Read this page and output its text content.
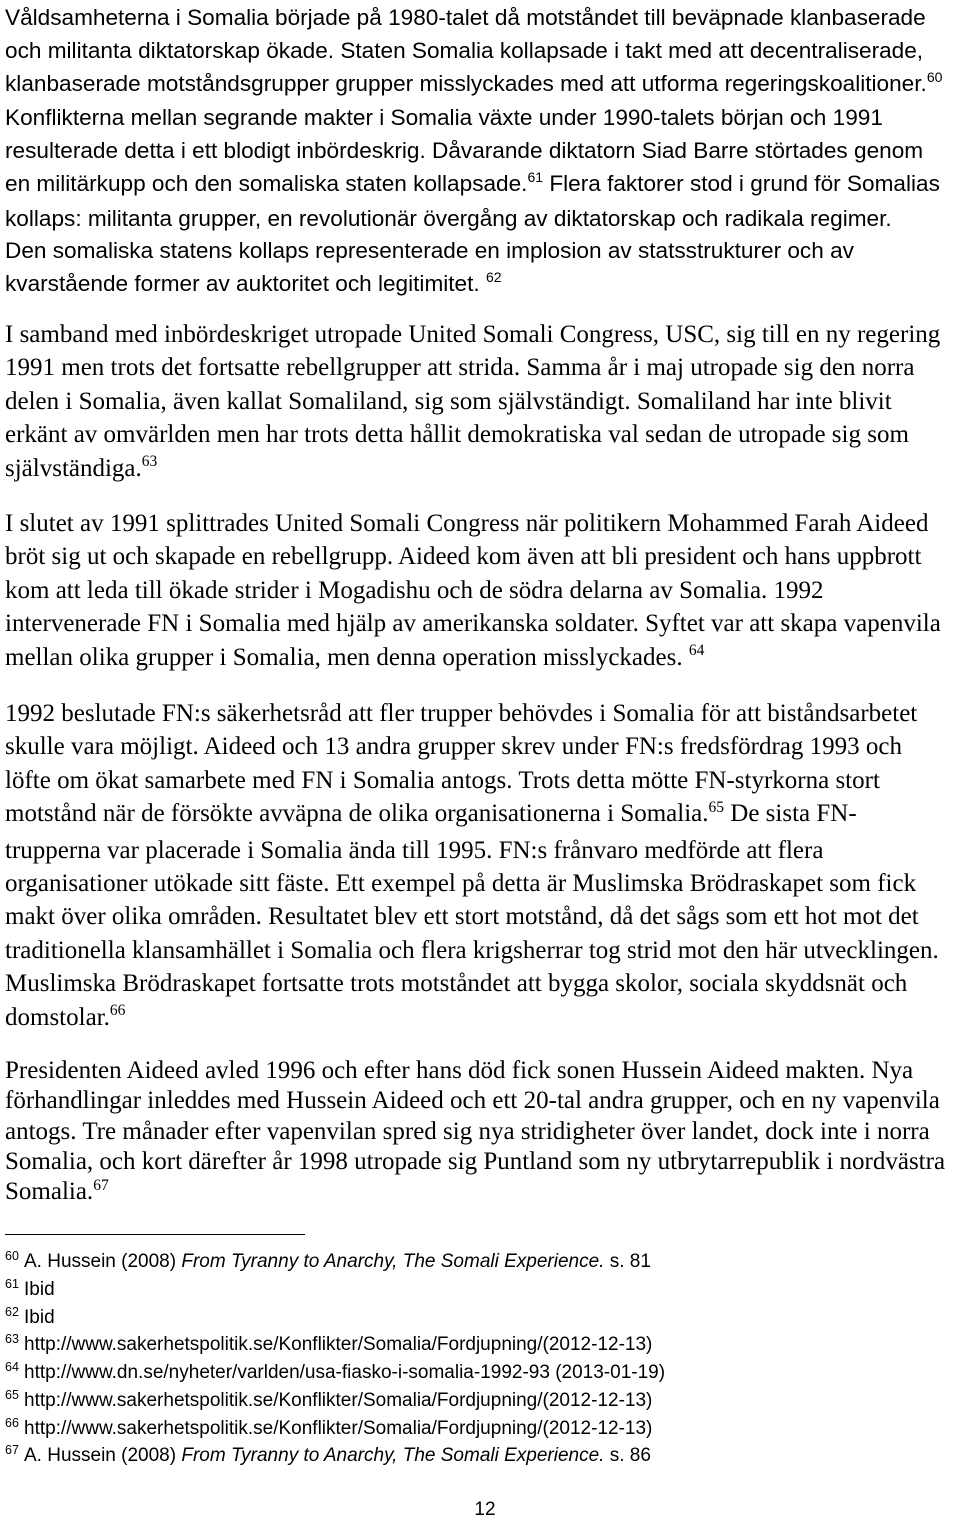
Våldsamheterna i Somalia började på 1980-talet då motståndet till beväpnade klanbaserade
och militanta diktatorskap ökade. Staten Somalia kollapsade i takt med att decentraliserade,
klanbaserade motståndsgrupper grupper misslyckades med att utforma regeringskoalitioner.$^{60}$
Konflikterna mellan segrande makter i Somalia växte under 1990-talets början och 1991
resulterade detta i ett blodigt inbördeskrig. Dåvarande diktatorn Siad Barre störtades genom
en militärkupp och den somaliska staten kollapsade.$^{61}$ Flera faktorer stod i grund för Somalias
kollaps: militanta grupper, en revolutionär övergång av diktatorskap och radikala regimer.
Den somaliska statens kollaps representerade en implosion av statsstrukturer och av
kvarstående former av auktoritet och legitimitet. $^{62}$
I samband med inbördeskriget utropade United Somali Congress, USC, sig till en ny regering
1991 men trots det fortsatte rebellgrupper att strida. Samma år i maj utropade sig den norra
delen i Somalia, även kallat Somaliland, sig som självständigt. Somaliland har inte blivit
erkänt av omvärlden men har trots detta hållit demokratiska val sedan de utropade sig som
självständiga.$^{63}$
I slutet av 1991 splittrades United Somali Congress när politikern Mohammed Farah Aideed
bröt sig ut och skapade en rebellgrupp. Aideed kom även att bli president och hans uppbrott
kom att leda till ökade strider i Mogadishu och de södra delarna av Somalia. 1992
intervenerade FN i Somalia med hjälp av amerikanska soldater. Syftet var att skapa vapenvila
mellan olika grupper i Somalia, men denna operation misslyckades. $^{64}$
1992 beslutade FN:s säkerhetsråd att fler trupper behövdes i Somalia för att biståndsarbetet
skulle vara möjligt. Aideed och 13 andra grupper skrev under FN:s fredsfördrag 1993 och
löfte om ökat samarbete med FN i Somalia antogs. Trots detta mötte FN-styrkorna stort
motstånd när de försökte avväpna de olika organisationerna i Somalia.$^{65}$ De sista FN-
trupperna var placerade i Somalia ända till 1995. FN:s frånvaro medförde att flera
organisationer utökade sitt fäste. Ett exempel på detta är Muslimska Brödraskapet som fick
makt över olika områden. Resultatet blev ett stort motstånd, då det sågs som ett hot mot det
traditionella klansamhället i Somalia och flera krigsherrar tog strid mot den här utvecklingen.
Muslimska Brödraskapet fortsatte trots motståndet att bygga skolor, sociala skyddsnät och
domstolar.$^{66}$
Presidenten Aideed avled 1996 och efter hans död fick sonen Hussein Aideed makten. Nya
förhandlingar inleddes med Hussein Aideed och ett 20-tal andra grupper, och en ny vapenvila
antogs. Tre månader efter vapenvilan spred sig nya stridigheter över landet, dock inte i norra
Somalia, och kort därefter år 1998 utropade sig Puntland som ny utbrytarrepublik i nordvästra
Somalia.$^{67}$
60 A. Hussein (2008) From Tyranny to Anarchy, The Somali Experience. s. 81
61 Ibid
62 Ibid
63 http://www.sakerhetspolitik.se/Konflikter/Somalia/Fordjupning/(2012-12-13)
64 http://www.dn.se/nyheter/varlden/usa-fiasko-i-somalia-1992-93 (2013-01-19)
65 http://www.sakerhetspolitik.se/Konflikter/Somalia/Fordjupning/(2012-12-13)
66 http://www.sakerhetspolitik.se/Konflikter/Somalia/Fordjupning/(2012-12-13)
67 A. Hussein (2008) From Tyranny to Anarchy, The Somali Experience. s. 86
12
